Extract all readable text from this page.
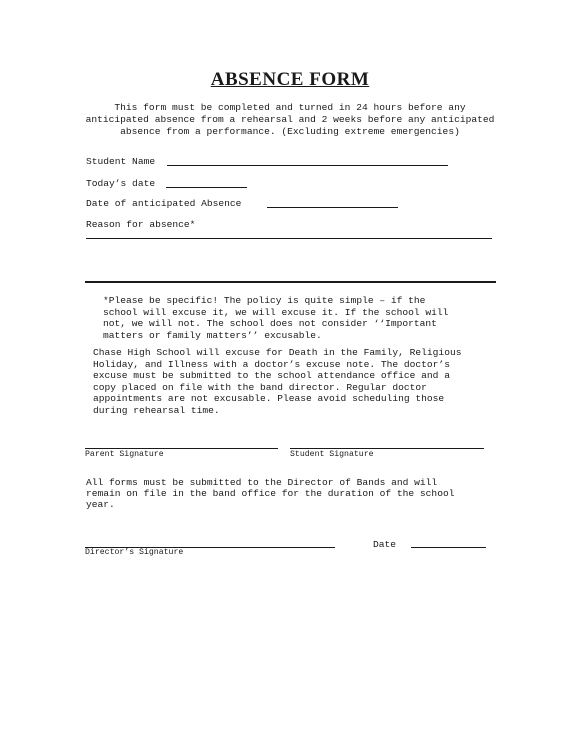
ABSENCE FORM
This form must be completed and turned in 24 hours before any
anticipated absence from a rehearsal and 2 weeks before any anticipated
absence from a performance. (Excluding extreme emergencies)
Student Name
Today’s date
Date of anticipated Absence
Reason for absence*
*Please be specific! The policy is quite simple – if the
school will excuse it, we will excuse it. If the school will
not, we will not. The school does not consider ‘‘Important
matters or family matters’’ excusable.
Chase High School will excuse for Death in the Family, Religious
Holiday, and Illness with a doctor’s excuse note. The doctor’s
excuse must be submitted to the school attendance office and a
copy placed on file with the band director. Regular doctor
appointments are not excusable. Please avoid scheduling those
during rehearsal time.
Parent Signature	Student Signature
All forms must be submitted to the Director of Bands and will
remain on file in the band office for the duration of the school
year.
Director’s Signature
Date
